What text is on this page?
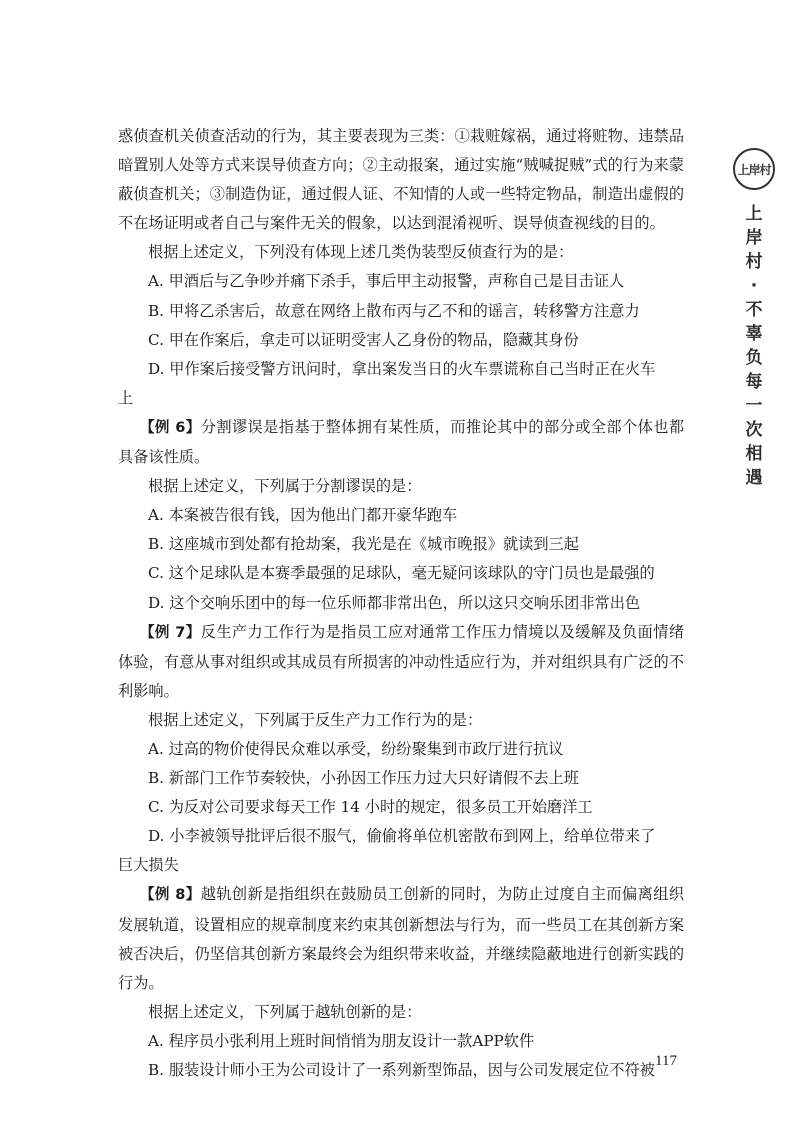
惑侦查机关侦查活动的行为，其主要表现为三类：①栽赃嫁祸，通过将赃物、违禁品暗置别人处等方式来误导侦查方向；②主动报案，通过实施“贼喊捉贼”式的行为来蒙蔽侦查机关；③制造伪证，通过假人证、不知情的人或一些特定物品，制造出虚假的不在场证明或者自己与案件无关的假象，以达到混淆视听、误导侦查视线的目的。

根据上述定义，下列没有体现上述几类伪装型反侦查行为的是：

A. 甲酒后与乙争吵并痛下杀手，事后甲主动报警，声称自己是目击证人

B. 甲将乙杀害后，故意在网络上散布丙与乙不和的谣言，转移警方注意力

C. 甲在作案后，拿走可以证明受害人乙身份的物品，隐藏其身份

D. 甲作案后接受警方讯问时，拿出案发当日的火车票谎称自己当时正在火车
上

【例 6】分割谬误是指基于整体拥有某性质，而推论其中的部分或全部个体也都具备该性质。

根据上述定义，下列属于分割谬误的是：

A. 本案被告很有钱，因为他出门都开豪华跑车

B. 这座城市到处都有抢劫案，我光是在《城市晚报》就读到三起

C. 这个足球队是本赛季最强的足球队，毫无疑问该球队的守门员也是最强的

D. 这个交响乐团中的每一位乐师都非常出色，所以这只交响乐团非常出色

【例 7】反生产力工作行为是指员工应对通常工作压力情境以及缓解及负面情绪体验，有意从事对组织或其成员有所损害的冲动性适应行为，并对组织具有广泛的不利影响。

根据上述定义，下列属于反生产力工作行为的是：

A. 过高的物价使得民众难以承受，纷纷聚集到市政厅进行抗议

B. 新部门工作节奏较快，小孙因工作压力过大只好请假不去上班

C. 为反对公司要求每天工作 14 小时的规定，很多员工开始磨洋工

D. 小李被领导批评后很不服气，偷偷将单位机密散布到网上，给单位带来了
巨大损失

【例 8】越轨创新是指组织在鼓励员工创新的同时，为防止过度自主而偏离组织发展轨道，设置相应的规章制度来约束其创新想法与行为，而一些员工在其创新方案被否决后，仍坚信其创新方案最终会为组织带来收益，并继续隐蔽地进行创新实践的行为。

根据上述定义，下列属于越轨创新的是：

A. 程序员小张利用上班时间悄悄为朋友设计一款APP软件

B. 服装设计师小王为公司设计了一系列新型饰品，因与公司发展定位不符被 117
上岸村
上
岸
村
·
不
辜
负
每
一
次
相
遇
